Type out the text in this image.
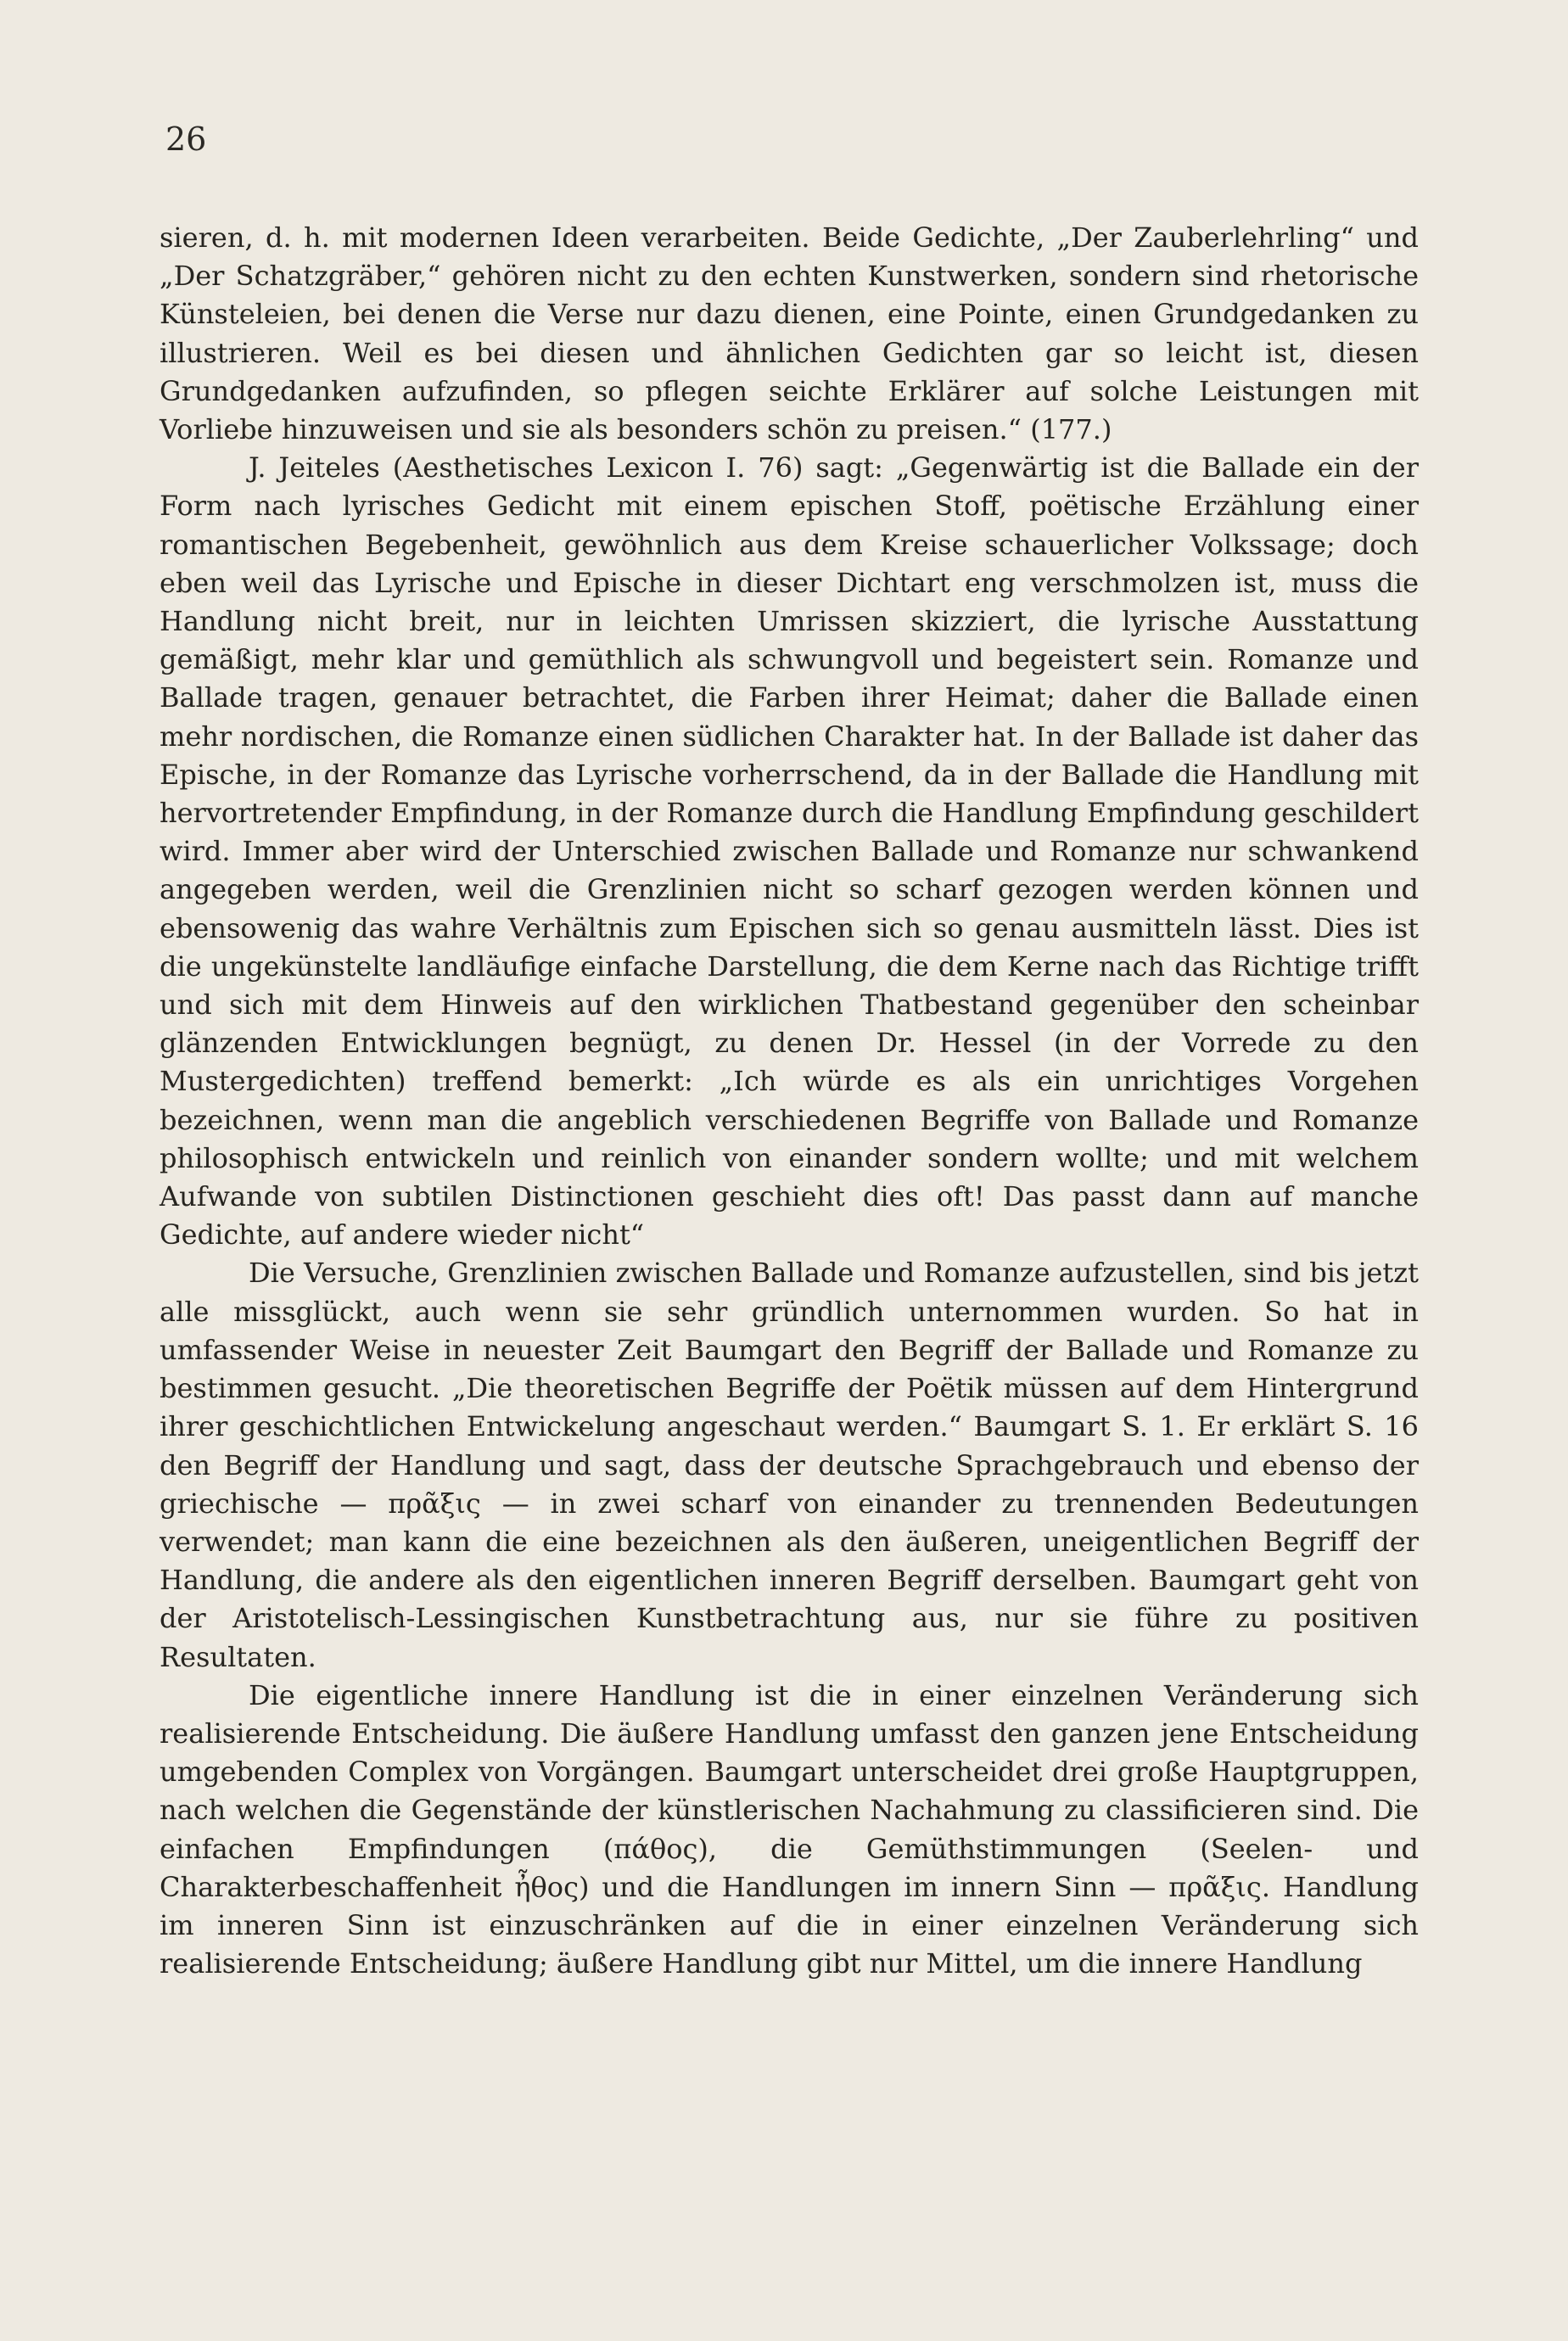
26

sieren, d. h. mit modernen Ideen verarbeiten. Beide Gedichte, „Der Zauberlehrling“ und „Der Schatzgräber,“ gehören nicht zu den echten Kunstwerken, sondern sind rhetorische Künsteleien, bei denen die Verse nur dazu dienen, eine Pointe, einen Grundgedanken zu illustrieren. Weil es bei diesen und ähnlichen Gedichten gar so leicht ist, diesen Grundgedanken aufzufinden, so pflegen seichte Erklärer auf solche Leistungen mit Vorliebe hinzuweisen und sie als besonders schön zu preisen.“ (177.)

J. Jeiteles (Aesthetisches Lexicon I. 76) sagt: „Gegenwärtig ist die Ballade ein der Form nach lyrisches Gedicht mit einem epischen Stoff, poëtische Erzählung einer romantischen Begebenheit, gewöhnlich aus dem Kreise schauerlicher Volkssage; doch eben weil das Lyrische und Epische in dieser Dichtart eng verschmolzen ist, muss die Handlung nicht breit, nur in leichten Umrissen skizziert, die lyrische Ausstattung gemäßigt, mehr klar und gemüthlich als schwungvoll und begeistert sein. Romanze und Ballade tragen, genauer betrachtet, die Farben ihrer Heimat; daher die Ballade einen mehr nordischen, die Romanze einen südlichen Charakter hat. In der Ballade ist daher das Epische, in der Romanze das Lyrische vorherrschend, da in der Ballade die Handlung mit hervortretender Empfindung, in der Romanze durch die Handlung Empfindung geschildert wird. Immer aber wird der Unterschied zwischen Ballade und Romanze nur schwankend angegeben werden, weil die Grenzlinien nicht so scharf gezogen werden können und ebensowenig das wahre Verhältnis zum Epischen sich so genau ausmitteln lässt. Dies ist die ungekünstelte landläufige einfache Darstellung, die dem Kerne nach das Richtige trifft und sich mit dem Hinweis auf den wirklichen Thatbestand gegenüber den scheinbar glänzenden Entwicklungen begnügt, zu denen Dr. Hessel (in der Vorrede zu den Mustergedichten) treffend bemerkt: „Ich würde es als ein unrichtiges Vorgehen bezeichnen, wenn man die angeblich verschiedenen Begriffe von Ballade und Romanze philosophisch entwickeln und reinlich von einander sondern wollte; und mit welchem Aufwande von subtilen Distinctionen geschieht dies oft! Das passt dann auf manche Gedichte, auf andere wieder nicht“

Die Versuche, Grenzlinien zwischen Ballade und Romanze aufzustellen, sind bis jetzt alle missglückt, auch wenn sie sehr gründlich unternommen wurden. So hat in umfassender Weise in neuester Zeit Baumgart den Begriff der Ballade und Romanze zu bestimmen gesucht. „Die theoretischen Begriffe der Poëtik müssen auf dem Hintergrund ihrer geschichtlichen Entwickelung angeschaut werden.“ Baumgart S. 1. Er erklärt S. 16 den Begriff der Handlung und sagt, dass der deutsche Sprachgebrauch und ebenso der griechische — πρᾶξις — in zwei scharf von einander zu trennenden Bedeutungen verwendet; man kann die eine bezeichnen als den äußeren, uneigentlichen Begriff der Handlung, die andere als den eigentlichen inneren Begriff derselben. Baumgart geht von der Aristotelisch-Lessingischen Kunstbetrachtung aus, nur sie führe zu positiven Resultaten.

Die eigentliche innere Handlung ist die in einer einzelnen Veränderung sich realisierende Entscheidung. Die äußere Handlung umfasst den ganzen jene Entscheidung umgebenden Complex von Vorgängen. Baumgart unterscheidet drei große Hauptgruppen, nach welchen die Gegenstände der künstlerischen Nachahmung zu classificieren sind. Die einfachen Empfindungen (πάθος), die Gemüthstimmungen (Seelen- und Charakterbeschaffenheit ἦθος) und die Handlungen im innern Sinn — πρᾶξις. Handlung im inneren Sinn ist einzuschränken auf die in einer einzelnen Veränderung sich realisierende Entscheidung; äußere Handlung gibt nur Mittel, um die innere Handlung
